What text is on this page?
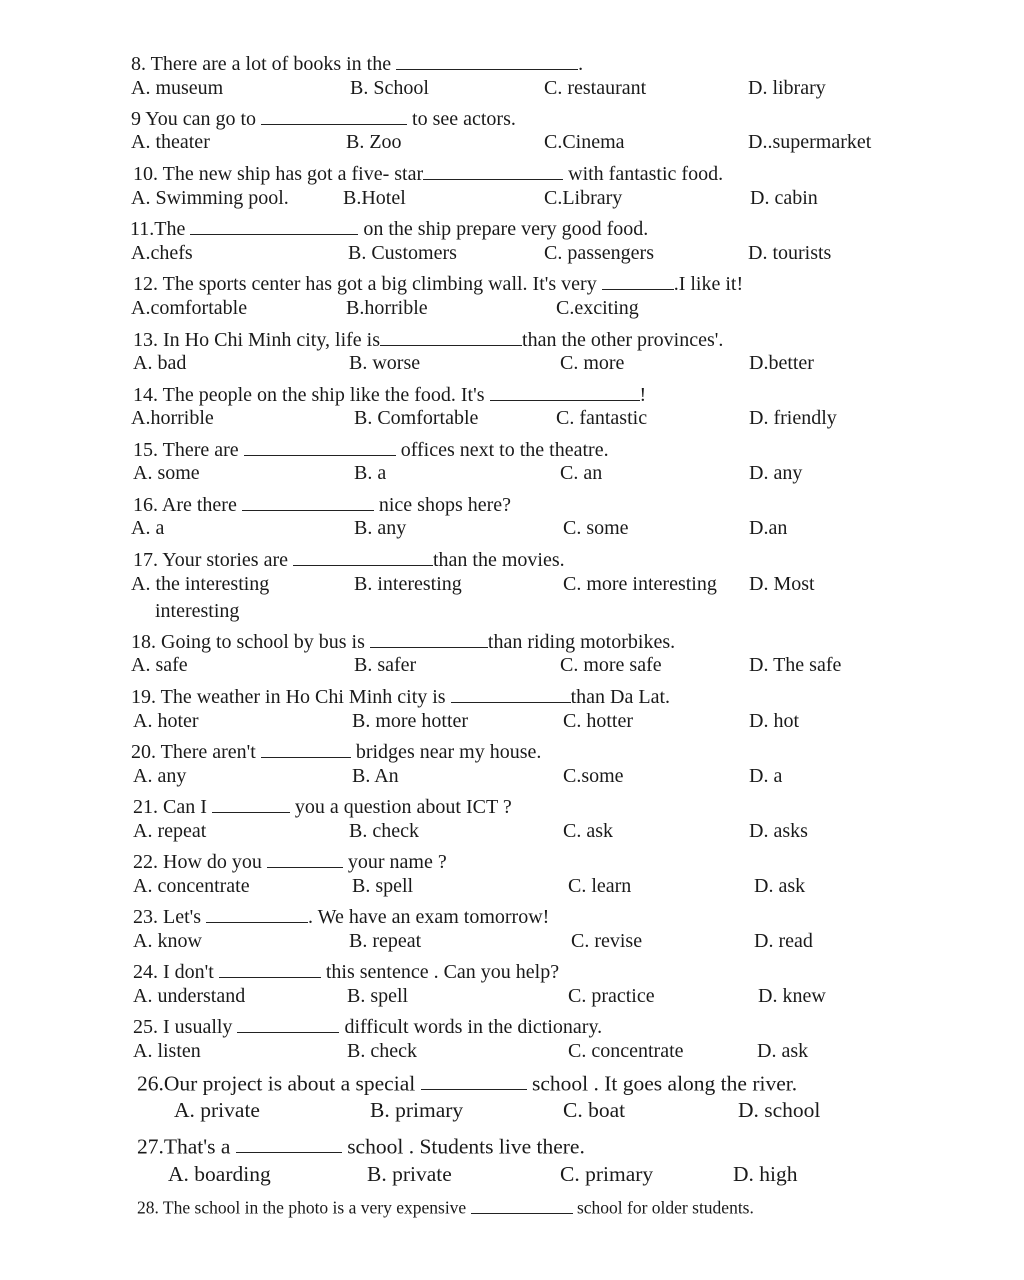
8. There are a lot of books in the	.
A. museum	B. School	C. restaurant	D. library
9 You can go to	to see actors.
A. theater	B. Zoo	C.Cinema	D..supermarket
10. The new ship has got a five- star	with fantastic food.
A. Swimming pool.	B.Hotel	C.Library	D. cabin
11.The	on the ship prepare very good food.
A.chefs	B. Customers	C. passengers	D. tourists
12. The sports center has got a big climbing wall. It's very	.I like it!
A.comfortable	B.horrible	C.exciting
13. In Ho Chi Minh city, life is	than the other provinces'.
A. bad	B. worse	C. more	D.better
14. The people on the ship like the food. It's	!
A.horrible	B. Comfortable	C. fantastic	D. friendly
15. There are	offices next to the theatre.
A. some	B. a	C. an	D. any
16. Are there	nice shops here?
A. a	B. any	C. some	D.an
17. Your stories are	than the movies.
A. the interesting	B. interesting	C. more interesting D. Most
interesting
18. Going to school by bus is	than riding motorbikes.
A. safe	B. safer	C. more safe	D. The safe
19. The weather in Ho Chi Minh city is	than Da Lat.
A. hoter	B. more hotter	C. hotter	D. hot
20. There aren't	bridges near my house.
A. any	B. An	C.some	D. a
21. Can I	you a question about ICT ?
A. repeat	B. check	C. ask	D. asks
22. How do you	your name ?
A. concentrate	B. spell	C. learn	D. ask
23. Let's	. We have an exam tomorrow!
A. know	B. repeat	C. revise	D. read
24. I don't	this sentence . Can you help?
A. understand	B. spell	C. practice	D. knew
25. I usually	difficult words in the dictionary.
A. listen	B. check	C. concentrate	D. ask
26.Our project is about a special	school . It goes along the river.
A. private	B. primary	C. boat	D. school
27.That's a	school . Students live there.
A. boarding	B. private	C. primary	D. high
28. The school in the photo is a very expensive	school for older students.
